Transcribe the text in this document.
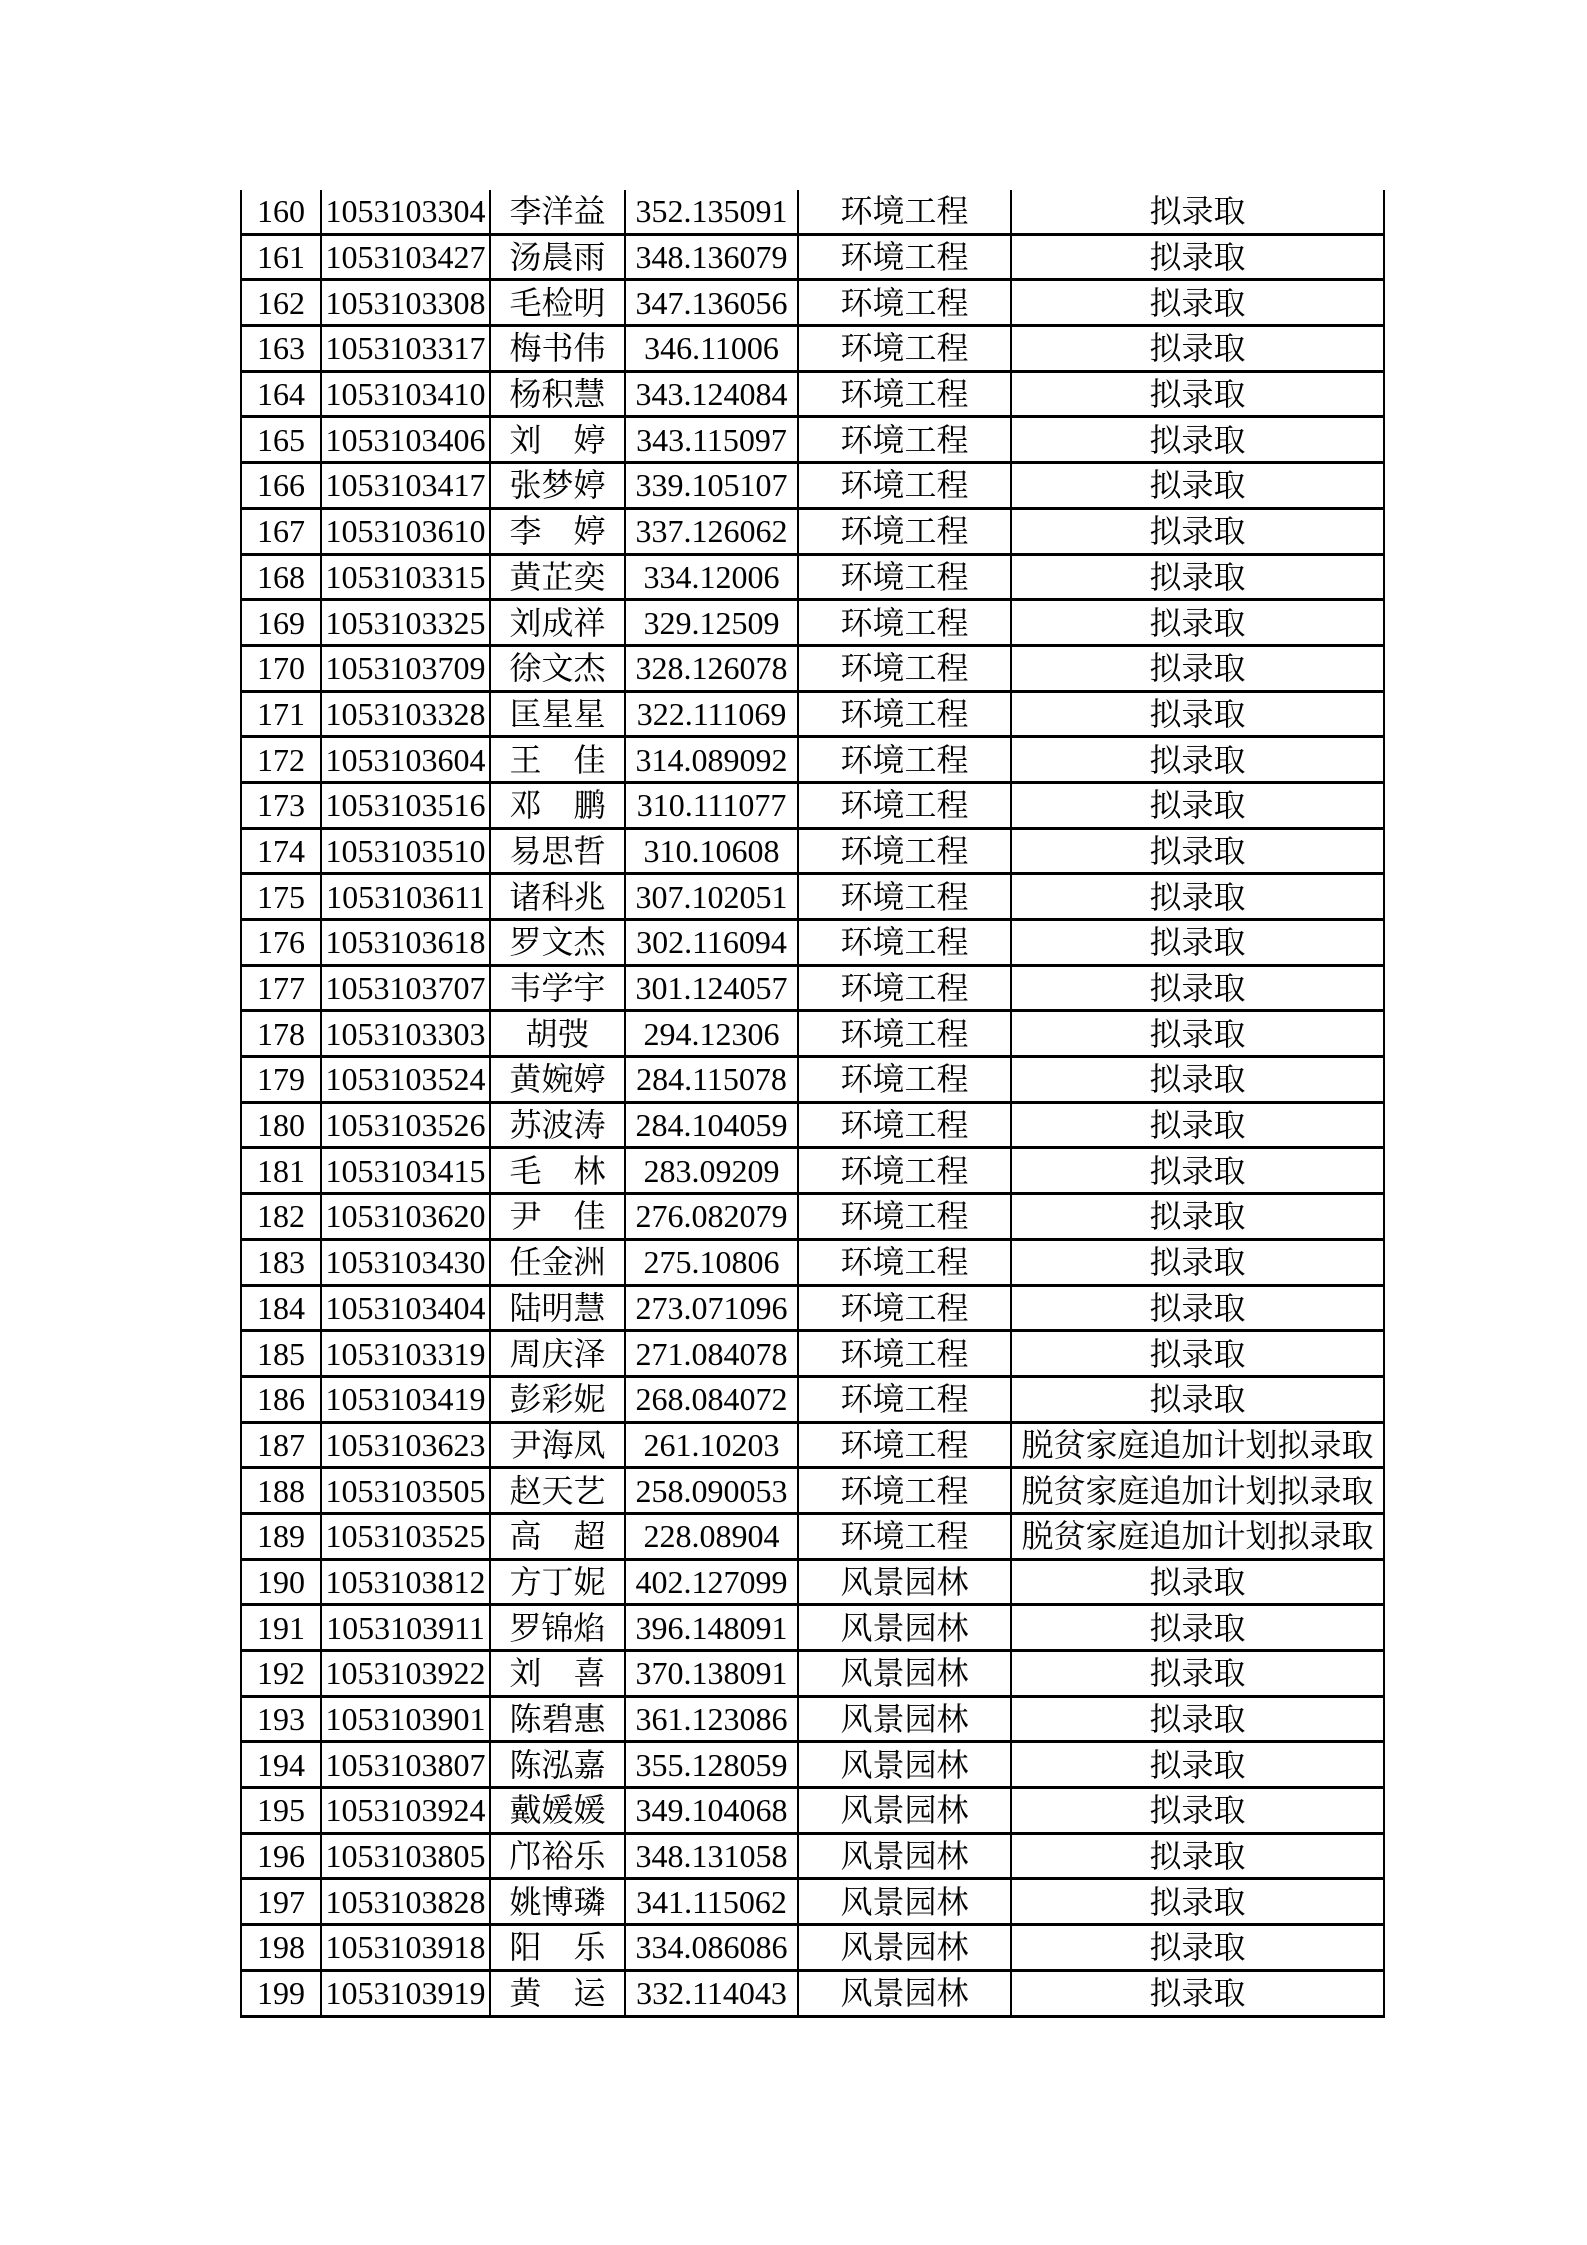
160	1053103304	李洋益	352.135091	环境工程	拟录取
161	1053103427	汤晨雨	348.136079	环境工程	拟录取
162	1053103308	毛检明	347.136056	环境工程	拟录取
163	1053103317	梅书伟	346.11006	环境工程	拟录取
164	1053103410	杨积慧	343.124084	环境工程	拟录取
165	1053103406	刘　婷	343.115097	环境工程	拟录取
166	1053103417	张梦婷	339.105107	环境工程	拟录取
167	1053103610	李　婷	337.126062	环境工程	拟录取
168	1053103315	黄芷奕	334.12006	环境工程	拟录取
169	1053103325	刘成祥	329.12509	环境工程	拟录取
170	1053103709	徐文杰	328.126078	环境工程	拟录取
171	1053103328	匡星星	322.111069	环境工程	拟录取
172	1053103604	王　佳	314.089092	环境工程	拟录取
173	1053103516	邓　鹏	310.111077	环境工程	拟录取
174	1053103510	易思哲	310.10608	环境工程	拟录取
175	1053103611	诸科兆	307.102051	环境工程	拟录取
176	1053103618	罗文杰	302.116094	环境工程	拟录取
177	1053103707	韦学宇	301.124057	环境工程	拟录取
178	1053103303	胡弢	294.12306	环境工程	拟录取
179	1053103524	黄婉婷	284.115078	环境工程	拟录取
180	1053103526	苏波涛	284.104059	环境工程	拟录取
181	1053103415	毛　林	283.09209	环境工程	拟录取
182	1053103620	尹　佳	276.082079	环境工程	拟录取
183	1053103430	任金洲	275.10806	环境工程	拟录取
184	1053103404	陆明慧	273.071096	环境工程	拟录取
185	1053103319	周庆泽	271.084078	环境工程	拟录取
186	1053103419	彭彩妮	268.084072	环境工程	拟录取
187	1053103623	尹海凤	261.10203	环境工程	脱贫家庭追加计划拟录取
188	1053103505	赵天艺	258.090053	环境工程	脱贫家庭追加计划拟录取
189	1053103525	高　超	228.08904	环境工程	脱贫家庭追加计划拟录取
190	1053103812	方丁妮	402.127099	风景园林	拟录取
191	1053103911	罗锦焰	396.148091	风景园林	拟录取
192	1053103922	刘　喜	370.138091	风景园林	拟录取
193	1053103901	陈碧惠	361.123086	风景园林	拟录取
194	1053103807	陈泓嘉	355.128059	风景园林	拟录取
195	1053103924	戴媛媛	349.104068	风景园林	拟录取
196	1053103805	邝裕乐	348.131058	风景园林	拟录取
197	1053103828	姚博璘	341.115062	风景园林	拟录取
198	1053103918	阳　乐	334.086086	风景园林	拟录取
199	1053103919	黄　运	332.114043	风景园林	拟录取
